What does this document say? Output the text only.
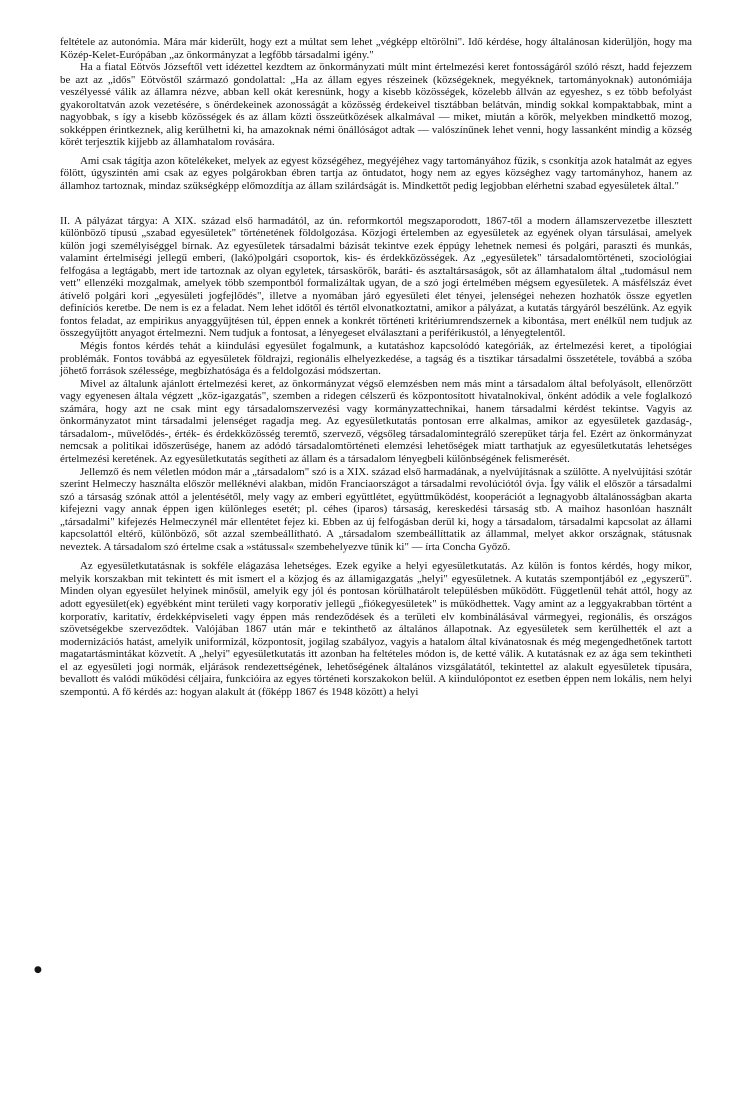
feltétele az autonómia. Mára már kiderült, hogy ezt a múltat sem lehet „végképp eltörölni". Idő kérdése, hogy általánosan kiderüljön, hogy ma Közép-Kelet-Európában „az önkormányzat a legfőbb társadalmi igény."

Ha a fiatal Eötvös Józseftől vett idézettel kezdtem az önkormányzati múlt mint értelmezési keret fontosságáról szóló részt, hadd fejezzem be azt az „idős" Eötvöstől származó gondolattal: „Ha az állam egyes részeinek (községeknek, megyéknek, tartományoknak) autonómiája veszélyessé válik az államra nézve, abban kell okát keresnünk, hogy a kisebb közösségek, közelebb állván az egyeshez, s ez több befolyást gyakoroltatván azok vezetésére, s önérdekeinek azonosságát a közösség érdekeivel tisztábban belátván, mindig sokkal kompaktabbak, mint a nagyobbak, s így a kisebb közösségek és az állam közti összeütközések alkalmával — miket, miután a körök, melyekben mindkettő mozog, sokképpen érintkeznek, alig kerülhetni ki, ha amazoknak némi önállóságot adtak — valószínűnek lehet venni, hogy lassanként mindig a község körét terjesztik kijjebb az államhatalom rovására.

Ami csak tágítja azon kötelékeket, melyek az egyest községéhez, megyéjéhez vagy tartományához fűzik, s csonkítja azok hatalmát az egyes fölött, úgyszintén ami csak az egyes polgárokban ébren tartja az öntudatot, hogy nem az egyes községhez vagy tartományhoz, hanem az államhoz tartoznak, mindaz szükségképp előmozdítja az állam szilárdságát is. Mindkettőt pedig legjobban elérhetni szabad egyesületek által."

II. A pályázat tárgya: A XIX. század első harmadától, az ún. reformkortól megszaporodott, 1867-től a modern államszervezetbe illesztett különböző típusú „szabad egyesületek" történetének földolgozása. Közjogi értelemben az egyesületek az egyének olyan társulásai, amelyek külön jogi személyiséggel bírnak. Az egyesületek társadalmi bázisát tekintve ezek éppúgy lehetnek nemesi és polgári, paraszti és munkás, valamint értelmiségi jellegű emberi, (lakó)polgári csoportok, kis- és érdekközösségek. Az „egyesületek" társadalomtörténeti, szociológiai felfogása a legtágabb, mert ide tartoznak az olyan egyletek, társaskörök, baráti- és asztaltársaságok, sőt az államhatalom által „tudomásul nem vett" ellenzéki mozgalmak, amelyek több szempontból formalizáltak ugyan, de a szó jogi értelmében mégsem egyesületek. A másfélszáz évet átívelő polgári kori „egyesületi jogfejlődés", illetve a nyomában járó egyesületi élet tényei, jelenségei nehezen hozhatók össze egyetlen definíciós keretbe. De nem is ez a feladat. Nem lehet időtől és tértől elvonatkoztatni, amikor a pályázat, a kutatás tárgyáról beszélünk. Az egyik fontos feladat, az empirikus anyaggyűjtésen túl, éppen ennek a konkrét történeti kritériumrendszernek a kibontása, mert enélkül nem tudjuk az összegyűjtött anyagot értelmezni. Nem tudjuk a fontosat, a lényegeset elválasztani a periférikustól, a lényegtelentől.

Mégis fontos kérdés tehát a kiindulási egyesület fogalmunk, a kutatáshoz kapcsolódó kategóriák, az értelmezési keret, a tipológiai problémák. Fontos továbbá az egyesületek földrajzi, regionális elhelyezkedése, a tagság és a tisztikar társadalmi összetétele, továbbá a szóba jöhető források szélessége, megbízhatósága és a feldolgozási módszertan.

Mivel az általunk ajánlott értelmezési keret, az önkormányzat végső elemzésben nem más mint a társadalom által befolyásolt, ellenőrzött vagy egyenesen általa végzett „köz-igazgatás", szemben a ridegen célszerű és központosított hivatalnokival, önként adódik a vele foglalkozó számára, hogy azt ne csak mint egy társadalomszervezési vagy kormányzattechnikai, hanem társadalmi kérdést tekintse. Vagyis az önkormányzatot mint társadalmi jelenséget ragadja meg. Az egyesületkutatás pontosan erre alkalmas, amikor az egyesületek gazdaság-, társadalom-, művelődés-, érték- és érdekközösség teremtő, szervező, végsőleg társadalomintegráló szerepüket tárja fel. Ezért az önkormányzat nemcsak a politikai időszerűsége, hanem az adódó társadalomtörténeti elemzési lehetőségek miatt tarthatjuk az egyesületkutatás lehetséges értelmezési keretének. Az egyesületkutatás segítheti az állam és a társadalom lényegbeli különbségének felismerését.

Jellemző és nem véletlen módon már a „társadalom" szó is a XIX. század első harmadának, a nyelvújításnak a szülötte. A nyelvújítási szótár szerint Helmeczy használta először melléknévi alakban, midőn Franciaországot a társadalmi revolúciótól óvja. Így válik el először a társadalmi szó a társaság szónak attól a jelentésétől, mely vagy az emberi együttlétet, együttműködést, kooperációt a legnagyobb általánosságban akarta kifejezni vagy annak éppen igen különleges esetét; pl. céhes (iparos) társaság, kereskedési társaság stb. A maihoz hasonlóan használt „társadalmi" kifejezés Helmeczynél már ellentétet fejez ki. Ebben az új felfogásban derül ki, hogy a társadalom, társadalmi kapcsolat az állami kapcsolattól eltérő, különböző, sőt azzal szembeállítható. A „társadalom szembeállíttatik az állammal, melyet akkor országnak, státusnak neveztek. A társadalom szó értelme csak a »státussal« szembehelyezve tűnik ki" — írta Concha Győző.

Az egyesületkutatásnak is sokféle elágazása lehetséges. Ezek egyike a helyi egyesületkutatás. Az külön is fontos kérdés, hogy mikor, melyik korszakban mit tekintett és mit ismert el a közjog és az államigazgatás „helyi" egyesületnek. A kutatás szempontjából ez „egyszerű". Minden olyan egyesület helyinek minősül, amelyik egy jól és pontosan körülhatárolt településben működött. Függetlenül tehát attól, hogy az adott egyesület(ek) egyébként mint területi vagy korporatív jellegű „fiókegyesületek" is működhettek. Vagy amint az a leggyakrabban történt a korporatív, karitatív, érdekképviseleti vagy éppen más rendeződések és a területi elv kombinálásával vármegyei, regionális, és országos szövetségekbe szerveződtek. Valójában 1867 után már e tekinthető az általános állapotnak. Az egyesületek sem kerülhették el azt a modernizációs hatást, amelyik uniformizál, központosít, jogilag szabályoz, vagyis a hatalom által kívánatosnak és még megengedhetőnek tartott magatartásmintákat közvetít. A „helyi" egyesületkutatás itt azonban ha feltételes módon is, de ketté válik. A kutatásnak ez az ága sem tekintheti el az egyesületi jogi normák, eljárások rendezettségének, lehetőségének általános vizsgálatától, tekintettel az alakult egyesületek típusára, bevallott és valódi működési céljaira, funkcióira az egyes történeti korszakokon belül. A kiindulópontot ez esetben éppen nem lokális, nem helyi szempontú. A fő kérdés az: hogyan alakult át (főképp 1867 és 1948 között) a helyi

●
